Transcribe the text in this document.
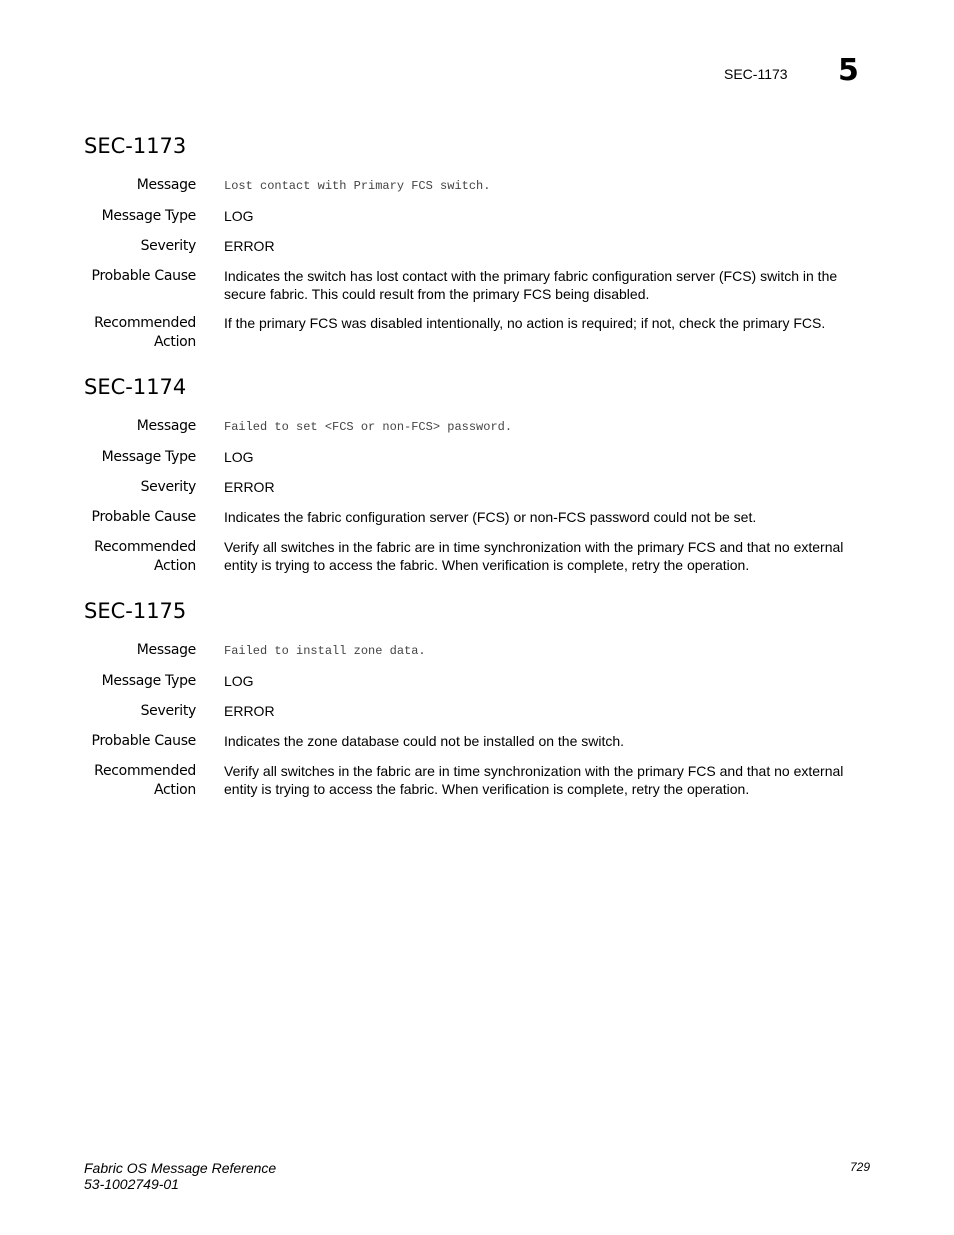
SEC-1173 5
SEC-1173
Message Lost contact with Primary FCS switch.
Message Type LOG
Severity ERROR
Probable Cause Indicates the switch has lost contact with the primary fabric configuration server (FCS) switch in the secure fabric. This could result from the primary FCS being disabled.
Recommended
Action
If the primary FCS was disabled intentionally, no action is required; if not, check the primary FCS.
SEC-1174
Message Failed to set <FCS or non-FCS> password.
Message Type LOG
Severity ERROR
Probable Cause Indicates the fabric configuration server (FCS) or non-FCS password could not be set.
Recommended
Action
Verify all switches in the fabric are in time synchronization with the primary FCS and that no external entity is trying to access the fabric. When verification is complete, retry the operation.
SEC-1175
Message Failed to install zone data.
Message Type LOG
Severity ERROR
Probable Cause Indicates the zone database could not be installed on the switch.
Recommended
Action
Verify all switches in the fabric are in time synchronization with the primary FCS and that no external entity is trying to access the fabric. When verification is complete, retry the operation.
Fabric OS Message Reference
53-1002749-01
729
